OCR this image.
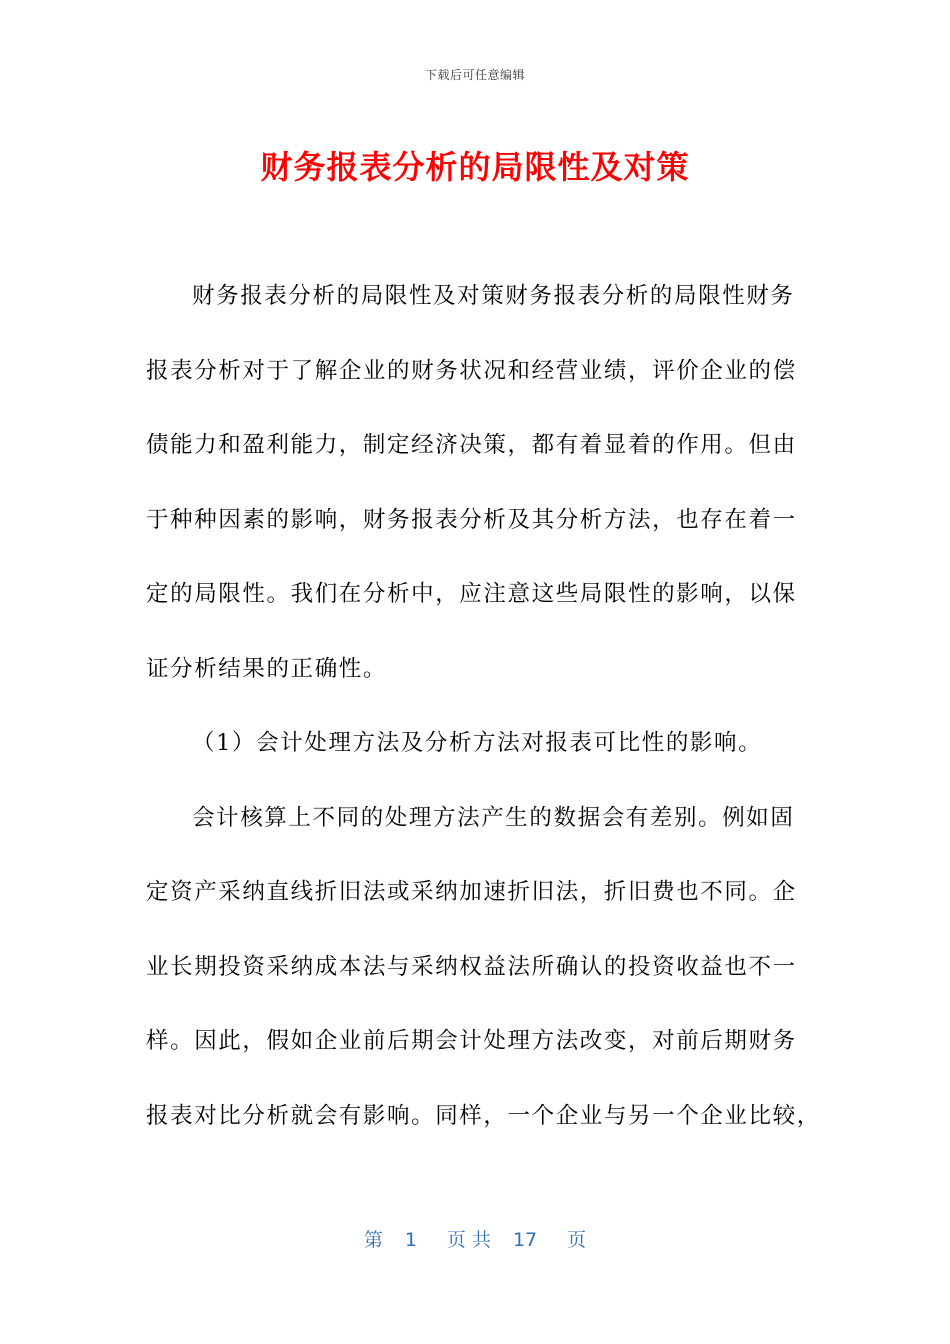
下载后可任意编辑
财务报表分析的局限性及对策
财务报表分析的局限性及对策财务报表分析的局限性财务
报表分析对于了解企业的财务状况和经营业绩，评价企业的偿
债能力和盈利能力，制定经济决策，都有着显着的作用。但由
于种种因素的影响，财务报表分析及其分析方法，也存在着一
定的局限性。我们在分析中，应注意这些局限性的影响，以保
证分析结果的正确性。
（1）会计处理方法及分析方法对报表可比性的影响。
会计核算上不同的处理方法产生的数据会有差别。例如固
定资产采纳直线折旧法或采纳加速折旧法，折旧费也不同。企
业长期投资采纳成本法与采纳权益法所确认的投资收益也不一
样。因此，假如企业前后期会计处理方法改变，对前后期财务
报表对比分析就会有影响。同样，一个企业与另一个企业比较，
第 1 页 共 17 页
